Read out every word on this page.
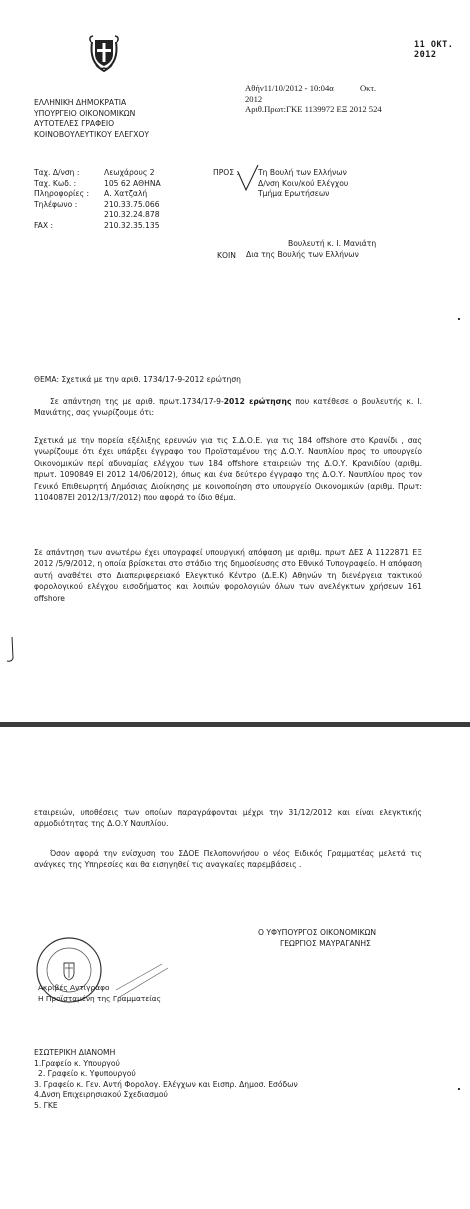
11 ΟΚΤ. 2012
ΕΛΛΗΝΙΚΗ ΔΗΜΟΚΡΑΤΙΑ
ΥΠΟΥΡΓΕΙΟ ΟΙΚΟΝΟΜΙΚΩΝ
ΑΥΤΟΤΕΛΕΣ ΓΡΑΦΕΙΟ
ΚΟΙΝΟΒΟΥΛΕΥΤΙΚΟΥ ΕΛΕΓΧΟΥ
Αθήν11/10/2012 - 10:04α	Οκτ.
2012
Αριθ.Πρωτ:ΓΚΕ 1139972 ΕΞ 2012 524
Ταχ. Δ/νση :	Λεωχάρους 2
Ταχ. Κωδ. :	105 62 ΑΘΗΝΑ
Πληροφορίες :	Α. Χατζαλή
Τηλέφωνο :	210.33.75.066
210.32.24.878
FAX :	210.32.35.135
ΠΡΟΣ : Τη Βουλή των Ελλήνων
Δ/νση Κοιν/κού Ελέγχου
Τμήμα Ερωτήσεων
ΚΟΙΝ
Βουλευτή κ. Ι. Μανιάτη
Δια της Βουλής των Ελλήνων
ΘΕΜΑ: Σχετικά με την αριθ. 1734/17-9-2012 ερώτηση
Σε απάντηση της με αριθ. πρωτ.1734/17-9-2012 ερώτησης που κατέθεσε ο βουλευτής κ. Ι. Μανιάτης, σας γνωρίζουμε ότι:
Σχετικά με την πορεία εξέλιξης ερευνών για τις Σ.Δ.Ο.Ε. για τις 184 offshore στο Κρανίδι , σας γνωρίζουμε ότι έχει υπάρξει έγγραφο του Προϊσταμένου της Δ.Ο.Υ. Ναυπλίου προς το υπουργείο Οικονομικών περί αδυναμίας ελέγχου των 184 offshore εταιρειών της Δ.Ο.Υ. Κρανιδίου (αριθμ. πρωτ. 1090849 ΕΙ 2012 14/06/2012), όπως και ένα δεύτερο έγγραφο της Δ.Ο.Υ. Ναυπλίου προς τον Γενικό Επιθεωρητή Δημόσιας Διοίκησης με κοινοποίηση στο υπουργείο Οικονομικών (αριθμ. Πρωτ: 1104087ΕΙ 2012/13/7/2012) που αφορά το ίδιο θέμα.
Σε απάντηση των ανωτέρω έχει υπογραφεί υπουργική απόφαση με αριθμ. πρωτ ΔΕΣ Α 1122871 ΕΞ 2012 /5/9/2012, η οποία βρίσκεται στο στάδιο της δημοσίευσης στο Εθνικό Τυπογραφείο. Η απόφαση αυτή αναθέτει στο Διαπεριφερειακό Ελεγκτικό Κέντρο (Δ.Ε.Κ) Αθηνών τη διενέργεια τακτικού φορολογικού ελέγχου εισοδήματος και λοιπών φορολογιών όλων των ανελέγκτων χρήσεων 161 offshore
εταιρειών, υποθέσεις των οποίων παραγράφονται μέχρι την 31/12/2012 και είναι ελεγκτικής αρμοδιότητας της Δ.Ο.Υ Ναυπλίου.
Όσον αφορά την ενίσχυση του ΣΔΟΕ Πελοποννήσου ο νέος Ειδικός Γραμματέας μελετά τις ανάγκες της Υπηρεσίες και θα εισηγηθεί τις αναγκαίες παρεμβάσεις .
Ο ΥΦΥΠΟΥΡΓΟΣ ΟΙΚΟΝΟΜΙΚΩΝ
ΓΕΩΡΓΙΟΣ ΜΑΥΡΑΓΑΝΗΣ
Ακριβές Αντίγραφο
Η Προϊσταμένη της Γραμματείας
ΕΣΩΤΕΡΙΚΗ ΔΙΑΝΟΜΗ
1.Γραφείο κ. Υπουργού
2. Γραφείο κ. Υφυπουργού
3. Γραφείο κ. Γεν. Αντή Φορολογ. Ελέγχων και Εισπρ. Δημοσ. Εσόδων
4.Δνση Επιχειρησιακού Σχεδιασμού
5. ΓΚΕ
